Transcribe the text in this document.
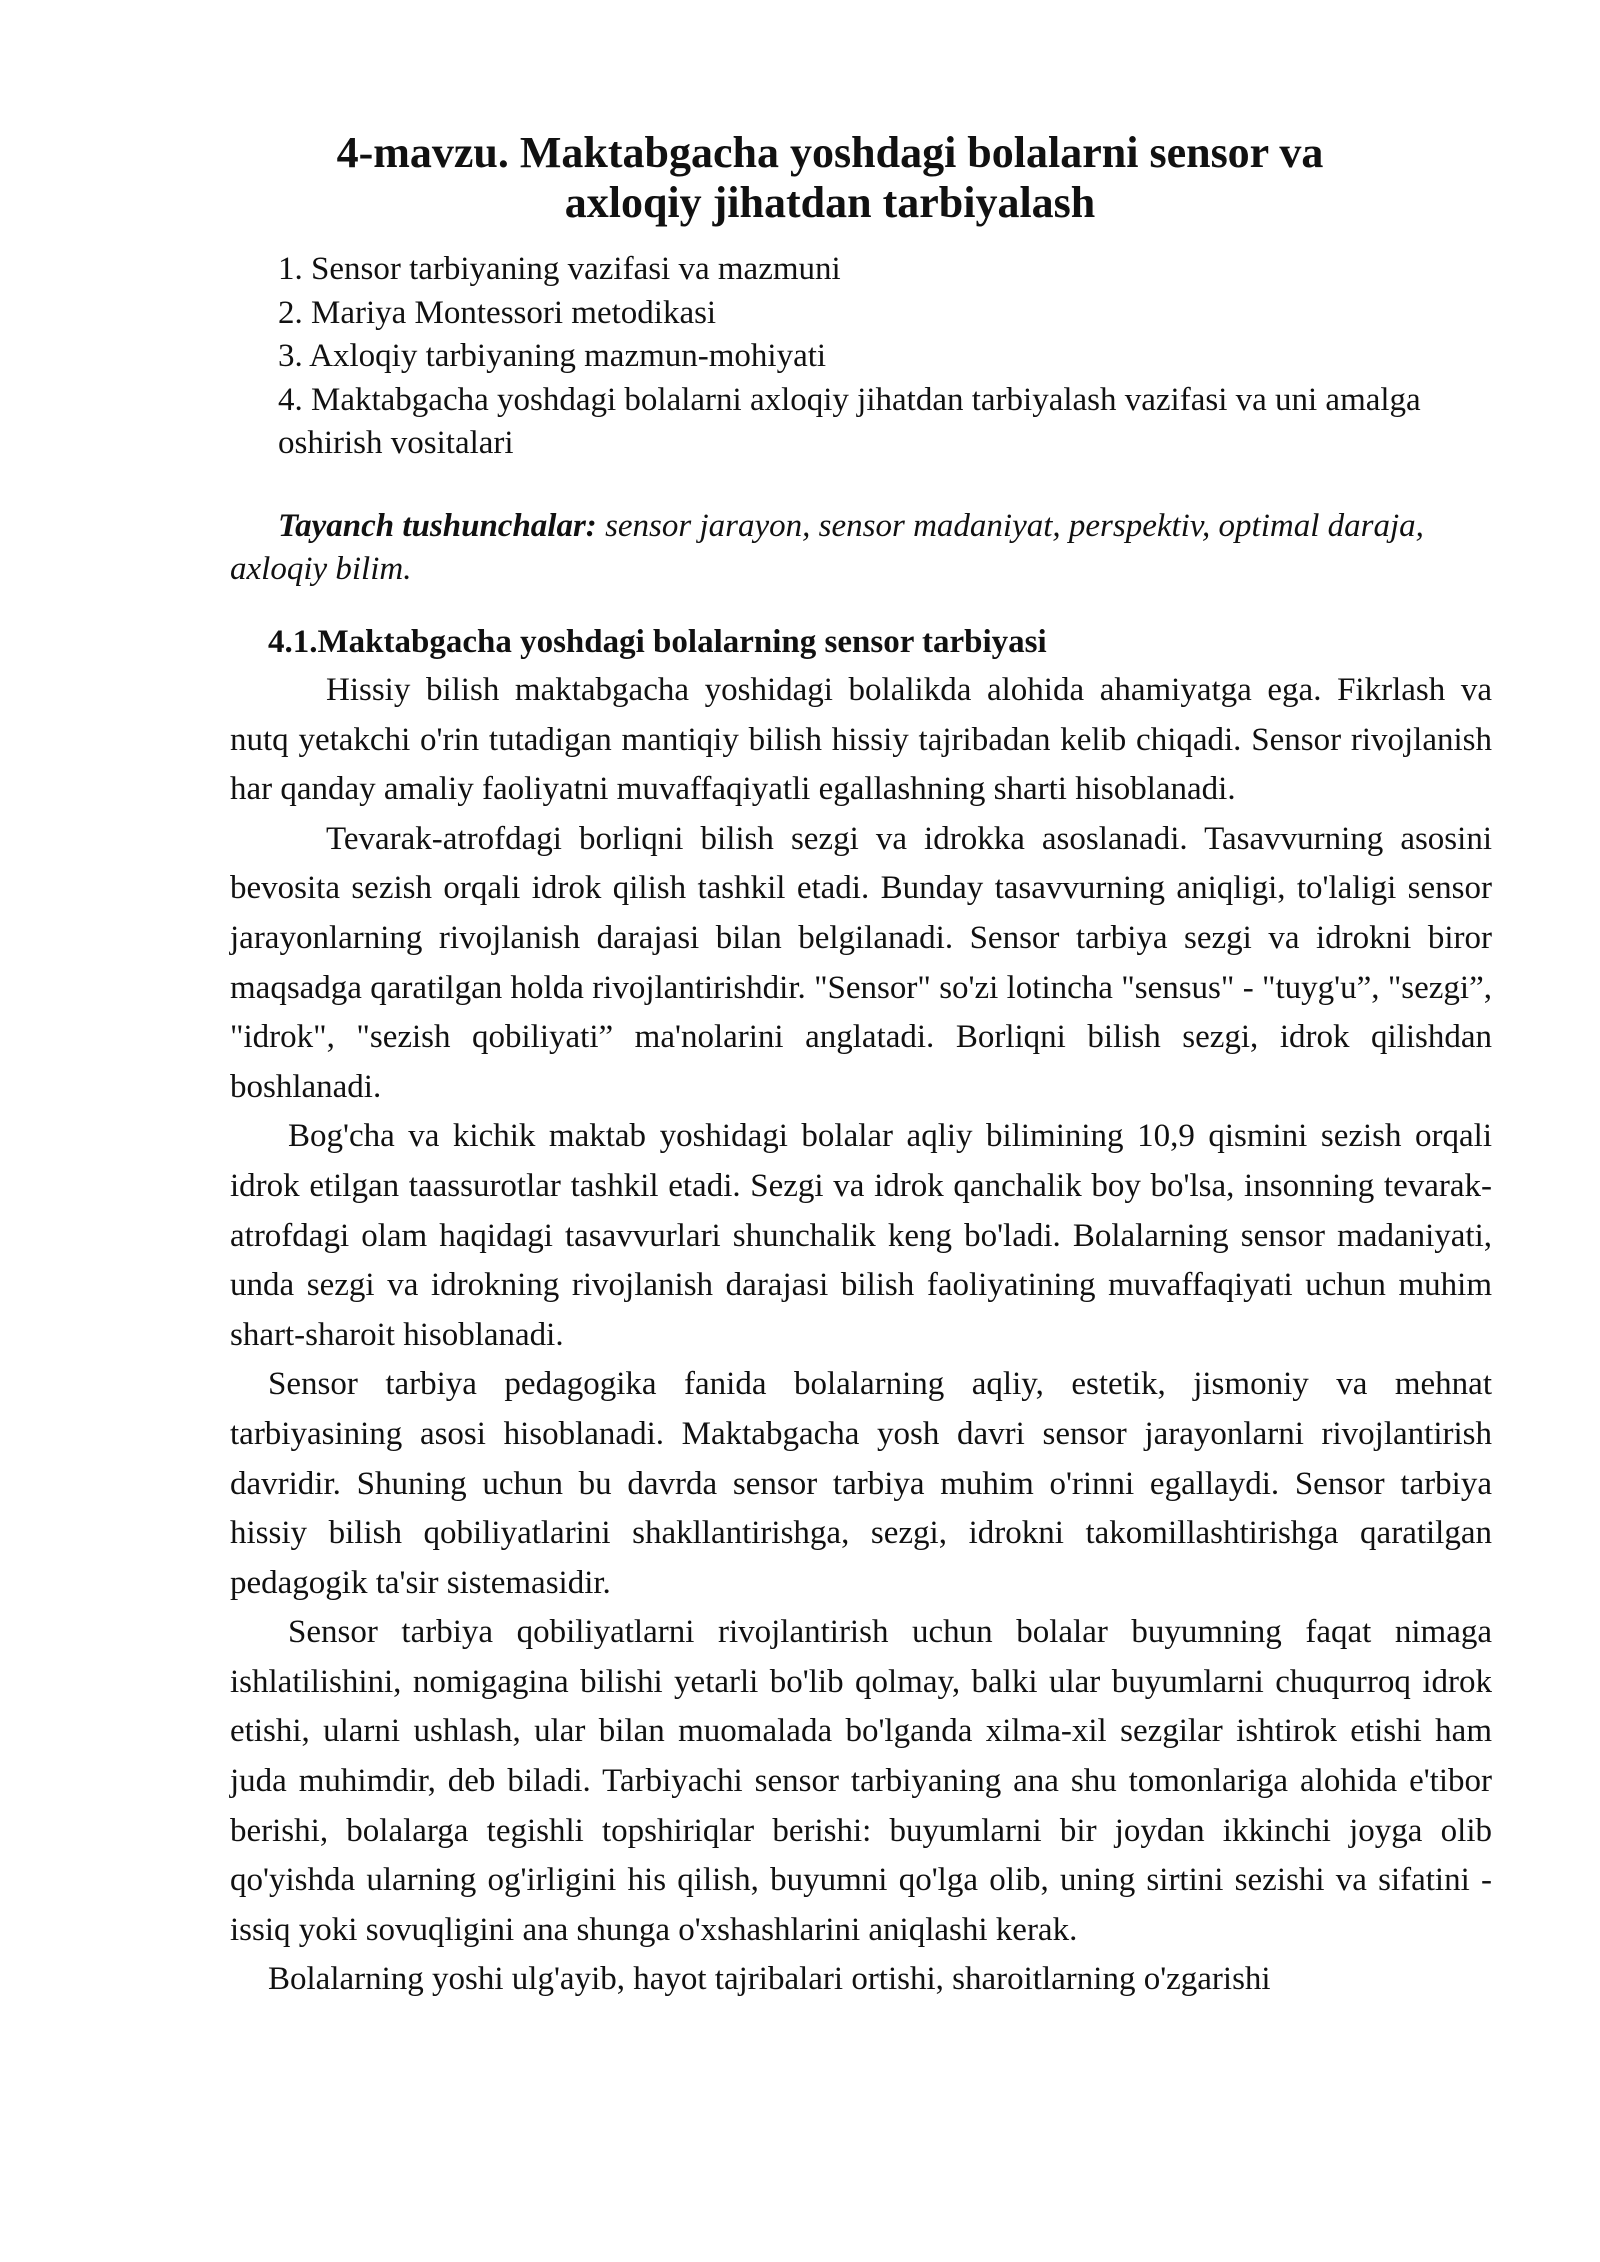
4-mavzu. Maktabgacha yoshdagi bolalarni sensor va
axloqiy jihatdan tarbiyalash
1. Sensor tarbiyaning vazifasi va mazmuni
2. Mariya Montessori metodikasi
3. Axloqiy tarbiyaning mazmun-mohiyati
4. Maktabgacha yoshdagi bolalarni axloqiy jihatdan tarbiyalash vazifasi va uni amalga oshirish vositalari
Tayanch tushunchalar: sensor jarayon, sensor madaniyat, perspektiv, optimal daraja, axloqiy bilim.
4.1.Maktabgacha yoshdagi bolalarning sensor tarbiyasi

Hissiy bilish maktabgacha yoshidagi bolalikda alohida ahamiyatga ega. Fikrlash va nutq yetakchi o'rin tutadigan mantiqiy bilish hissiy tajribadan kelib chiqadi. Sensor rivojlanish har qanday amaliy faoliyatni muvaffaqiyatli egallashning sharti hisoblanadi.

Tevarak-atrofdagi borliqni bilish sezgi va idrokka asoslanadi. Tasavvurning asosini bevosita sezish orqali idrok qilish tashkil etadi. Bunday tasavvurning aniqligi, to'laligi sensor jarayonlarning rivojlanish darajasi bilan belgilanadi. Sensor tarbiya sezgi va idrokni biror maqsadga qaratilgan holda rivojlantirishdir. "Sensor" so'zi lotincha "sensus" - "tuyg'u”, "sezgi”, "idrok", "sezish qobiliyati” ma'nolarini anglatadi. Borliqni bilish sezgi, idrok qilishdan boshlanadi.

Bog'cha va kichik maktab yoshidagi bolalar aqliy bilimining 10,9 qismini sezish orqali idrok etilgan taassurotlar tashkil etadi. Sezgi va idrok qanchalik boy bo'lsa, insonning tevarak-atrofdagi olam haqidagi tasavvurlari shunchalik keng bo'ladi. Bolalarning sensor madaniyati, unda sezgi va idrokning rivojlanish darajasi bilish faoliyatining muvaffaqiyati uchun muhim shart-sharoit hisoblanadi.

Sensor tarbiya pedagogika fanida bolalarning aqliy, estetik, jismoniy va mehnat tarbiyasining asosi hisoblanadi. Maktabgacha yosh davri sensor jarayonlarni rivojlantirish davridir. Shuning uchun bu davrda sensor tarbiya muhim o'rinni egallaydi. Sensor tarbiya hissiy bilish qobiliyatlarini shakllantirishga, sezgi, idrokni takomillashtirishga qaratilgan pedagogik ta'sir sistemasidir.

Sensor tarbiya qobiliyatlarni rivojlantirish uchun bolalar buyumning faqat nimaga ishlatilishini, nomigagina bilishi yetarli bo'lib qolmay, balki ular buyumlarni chuqurroq idrok etishi, ularni ushlash, ular bilan muomalada bo'lganda xilma-xil sezgilar ishtirok etishi ham juda muhimdir, deb biladi. Tarbiyachi sensor tarbiyaning ana shu tomonlariga alohida e'tibor berishi, bolalarga tegishli topshiriqlar berishi: buyumlarni bir joydan ikkinchi joyga olib qo'yishda ularning og'irligini his qilish, buyumni qo'lga olib, uning sirtini sezishi va sifatini - issiq yoki sovuqligini ana shunga o'xshashlarini aniqlashi kerak.

Bolalarning yoshi ulg'ayib, hayot tajribalari ortishi, sharoitlarning o'zgarishi
